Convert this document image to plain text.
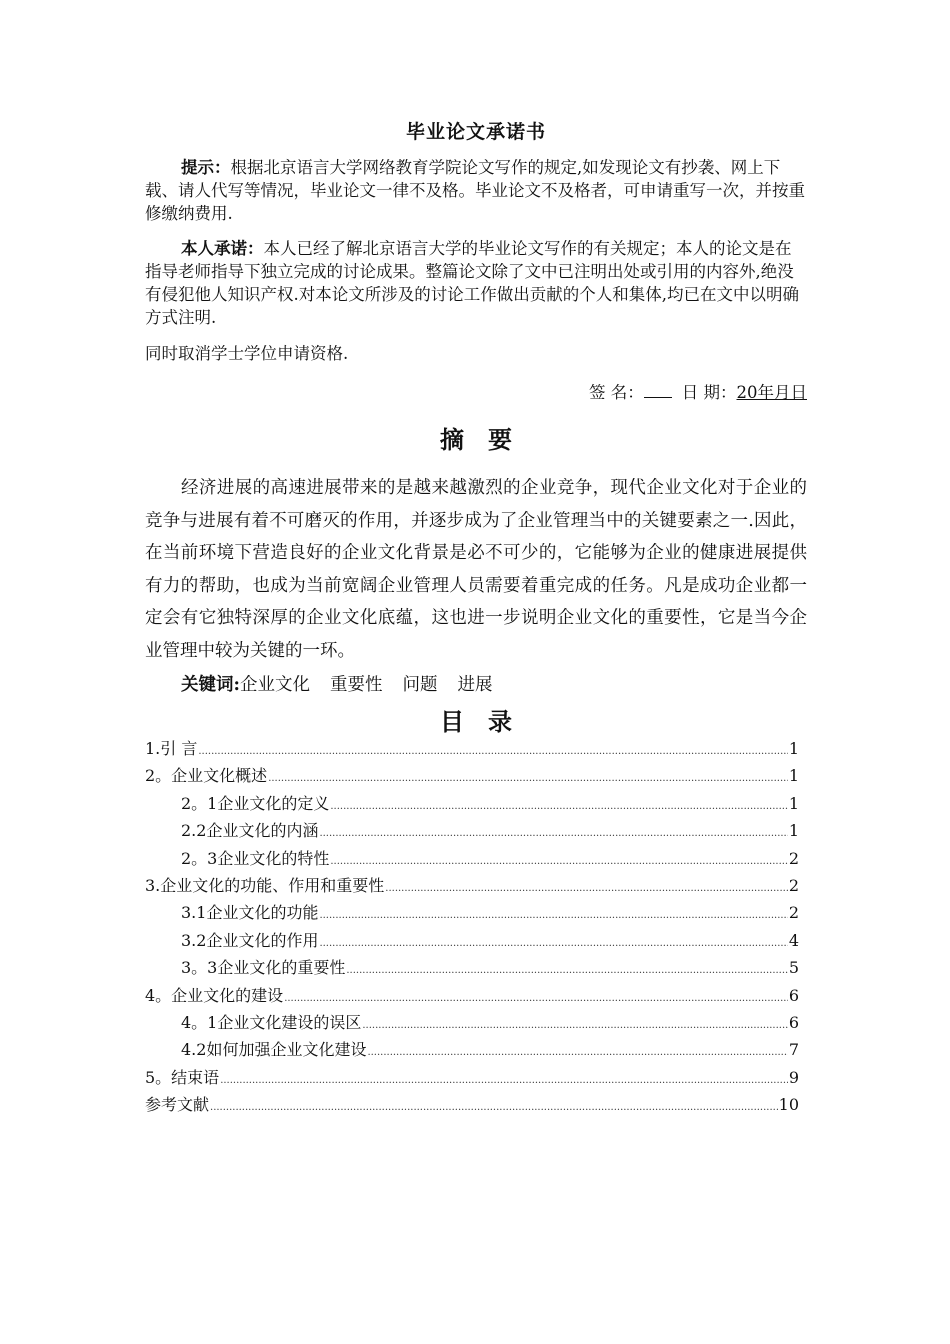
毕业论文承诺书
提示：根据北京语言大学网络教育学院论文写作的规定,如发现论文有抄袭、网上下载、请人代写等情况，毕业论文一律不及格。毕业论文不及格者，可申请重写一次，并按重修缴纳费用.
本人承诺：本人已经了解北京语言大学的毕业论文写作的有关规定；本人的论文是在指导老师指导下独立完成的讨论成果。整篇论文除了文中已注明出处或引用的内容外,绝没有侵犯他人知识产权.对本论文所涉及的讨论工作做出贡献的个人和集体,均已在文中以明确方式注明.
同时取消学士学位申请资格.
签 名： 日 期：20年月日
摘要
经济进展的高速进展带来的是越来越激烈的企业竞争，现代企业文化对于企业的竞争与进展有着不可磨灭的作用，并逐步成为了企业管理当中的关键要素之一.因此，在当前环境下营造良好的企业文化背景是必不可少的，它能够为企业的健康进展提供有力的帮助，也成为当前宽阔企业管理人员需要着重完成的任务。凡是成功企业都一定会有它独特深厚的企业文化底蕴，这也进一步说明企业文化的重要性，它是当今企业管理中较为关键的一环。
关键词:企业文化 重要性 问题 进展
目录
1.引 言 .....	1
2。企业文化概述 .....	1
2。1企业文化的定义 .....	1
2.2企业文化的内涵 .....	1
2。3企业文化的特性 .....	2
3.企业文化的功能、作用和重要性 .....	2
3.1企业文化的功能 .....	2
3.2企业文化的作用 .....	4
3。3企业文化的重要性 .....	5
4。企业文化的建设 .....	6
4。1企业文化建设的误区 .....	6
4.2如何加强企业文化建设 .....	7
5。结束语 .....	9
参考文献 .....	10
